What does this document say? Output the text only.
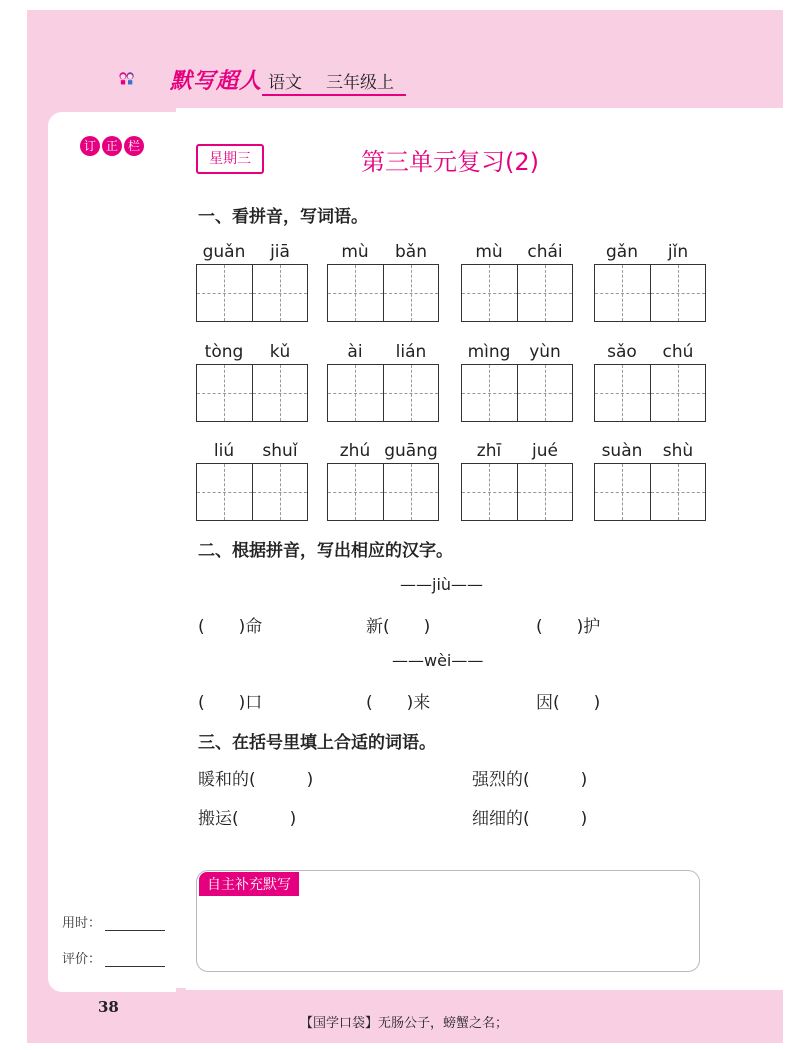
默写超人 语文 三年级上
订 正 栏
星期三	第三单元复习(2)
一、看拼音，写词语。
guǎn	jiā	mù	bǎn	mù	chái	gǎn	jǐn
tòng	kǔ	ài	lián	mìng	yùn	sǎo	chú
liú	shuǐ	zhú guāng	zhī	jué	suàn	shù
二、根据拼音，写出相应的汉字。
——jiù——
(　　)命	新(　　)	(　　)护
——wèi——
(　　)口	(　　)来	因(　　)
三、在括号里填上合适的词语。
暖和的(　　　)	强烈的(　　　)
搬运(　　　)	细细的(　　　)
自主补充默写
用时：
评价：
38
【国学口袋】无肠公子，螃蟹之名；
